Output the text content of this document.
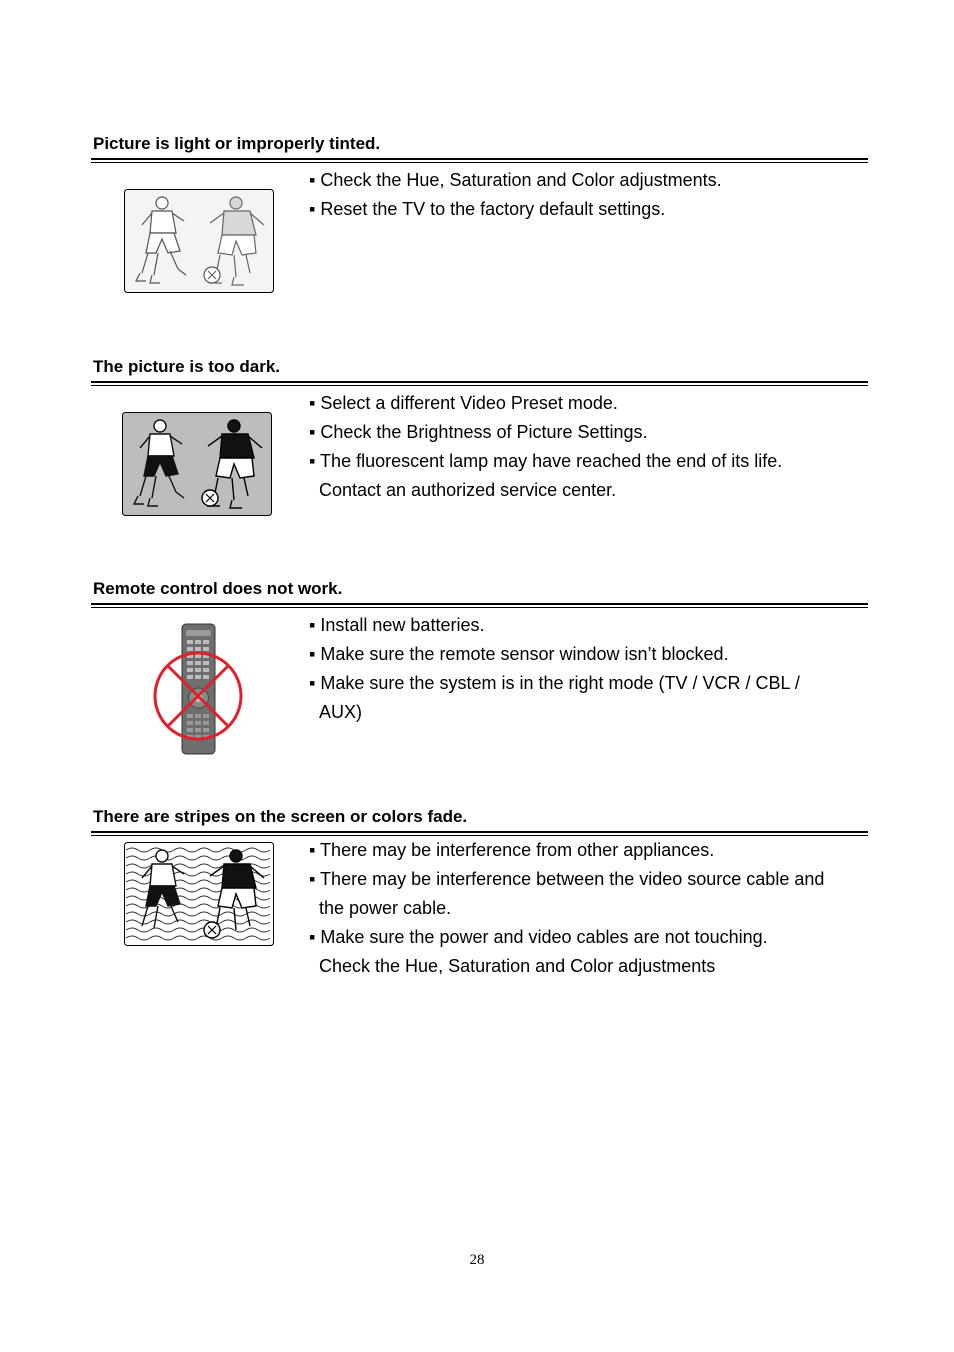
Picture is light or improperly tinted.
▪ Check the Hue, Saturation and Color adjustments.
▪ Reset the TV to the factory default settings.
The picture is too dark.
▪ Select a different Video Preset mode.
▪ Check the Brightness of Picture Settings.
▪ The fluorescent lamp may have reached the end of its life.
Contact an authorized service center.
Remote control does not work.
▪ Install new batteries.
▪ Make sure the remote sensor window isn’t blocked.
▪ Make sure the system is in the right mode (TV / VCR / CBL /
AUX)
There are stripes on the screen or colors fade.
▪ There may be interference from other appliances.
▪ There may be interference between the video source cable and
the power cable.
▪ Make sure the power and video cables are not touching.
Check the Hue, Saturation and Color adjustments
28
